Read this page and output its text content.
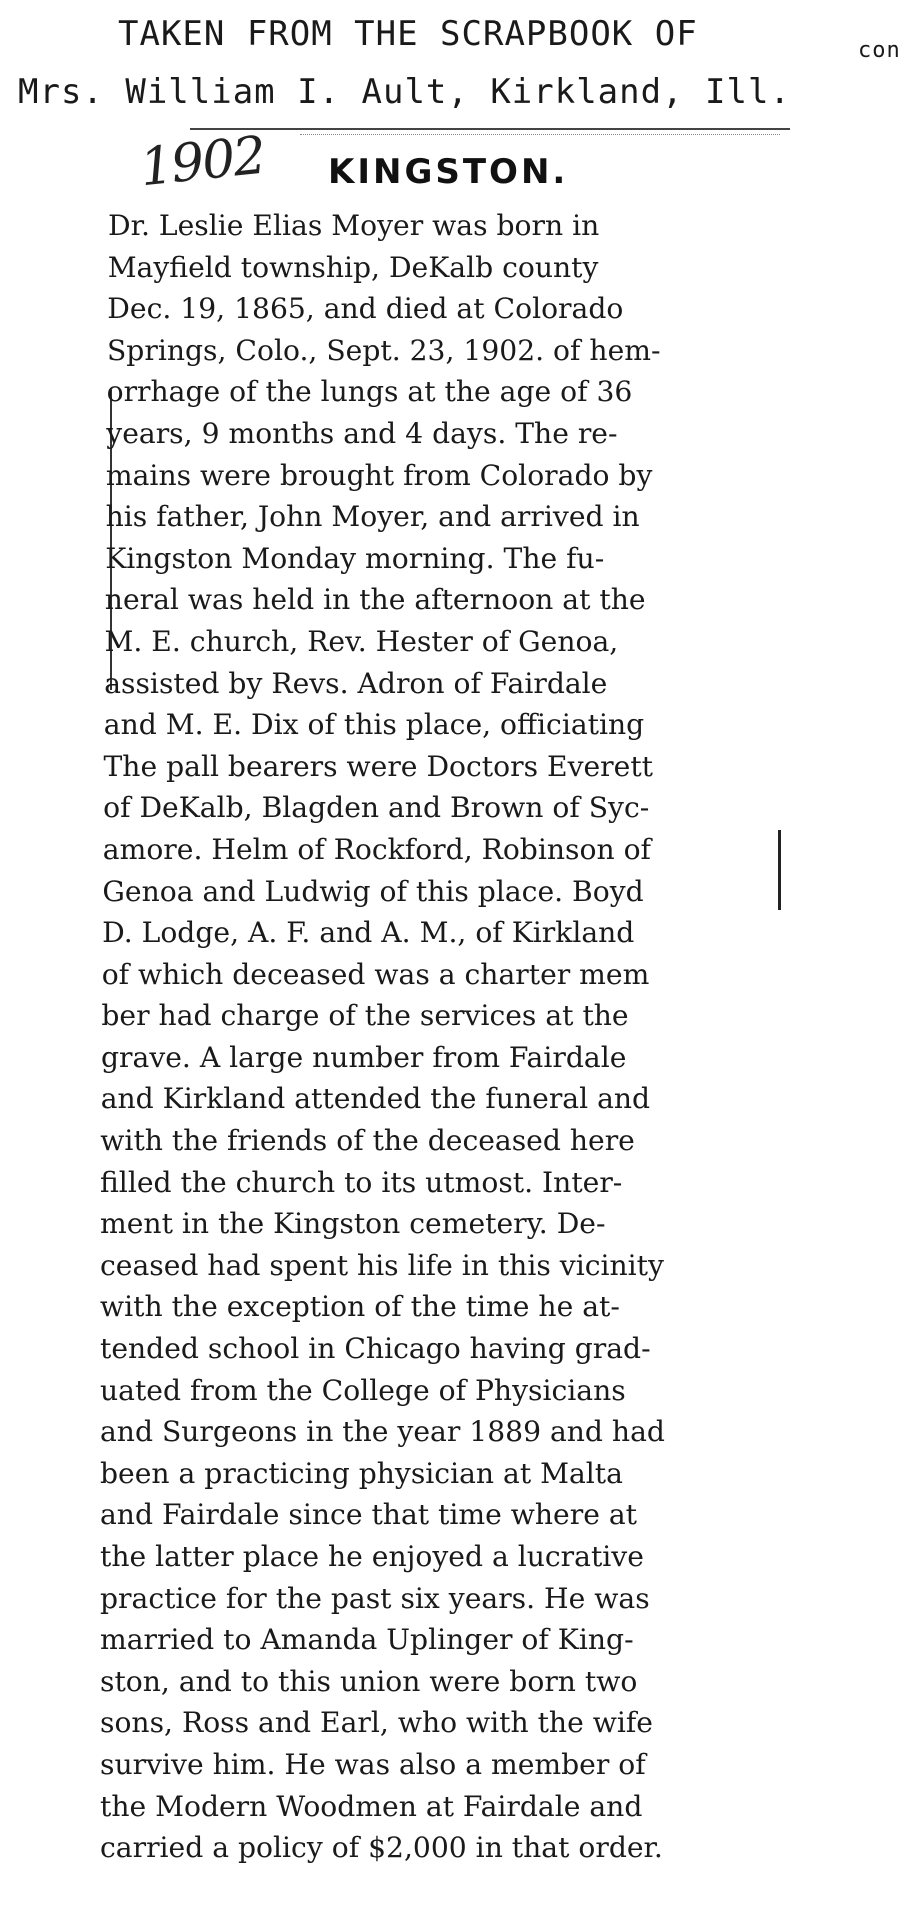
TAKEN FROM THE SCRAPBOOK OF	con
Mrs. William I. Ault, Kirkland, Ill.
1902 KINGSTON.
Dr. Leslie Elias Moyer was born in
Mayfield township, DeKalb county
Dec. 19, 1865, and died at Colorado
Springs, Colo., Sept. 23, 1902. of hem-
orrhage of the lungs at the age of 36
years, 9 months and 4 days. The re-
mains were brought from Colorado by
his father, John Moyer, and arrived in
Kingston Monday morning. The fu-
neral was held in the afternoon at the
M. E. church, Rev. Hester of Genoa,
assisted by Revs. Adron of Fairdale
and M. E. Dix of this place, officiating
The pall bearers were Doctors Everett
of DeKalb, Blagden and Brown of Syc-
amore. Helm of Rockford, Robinson of
Genoa and Ludwig of this place. Boyd
D. Lodge, A. F. and A. M., of Kirkland
of which deceased was a charter mem
ber had charge of the services at the
grave. A large number from Fairdale
and Kirkland attended the funeral and
with the friends of the deceased here
filled the church to its utmost. Inter-
ment in the Kingston cemetery. De-
ceased had spent his life in this vicinity
with the exception of the time he at-
tended school in Chicago having grad-
uated from the College of Physicians
and Surgeons in the year 1889 and had
been a practicing physician at Malta
and Fairdale since that time where at
the latter place he enjoyed a lucrative
practice for the past six years. He was
married to Amanda Uplinger of King-
ston, and to this union were born two
sons, Ross and Earl, who with the wife
survive him. He was also a member of
the Modern Woodmen at Fairdale and
carried a policy of $2,000 in that order.
